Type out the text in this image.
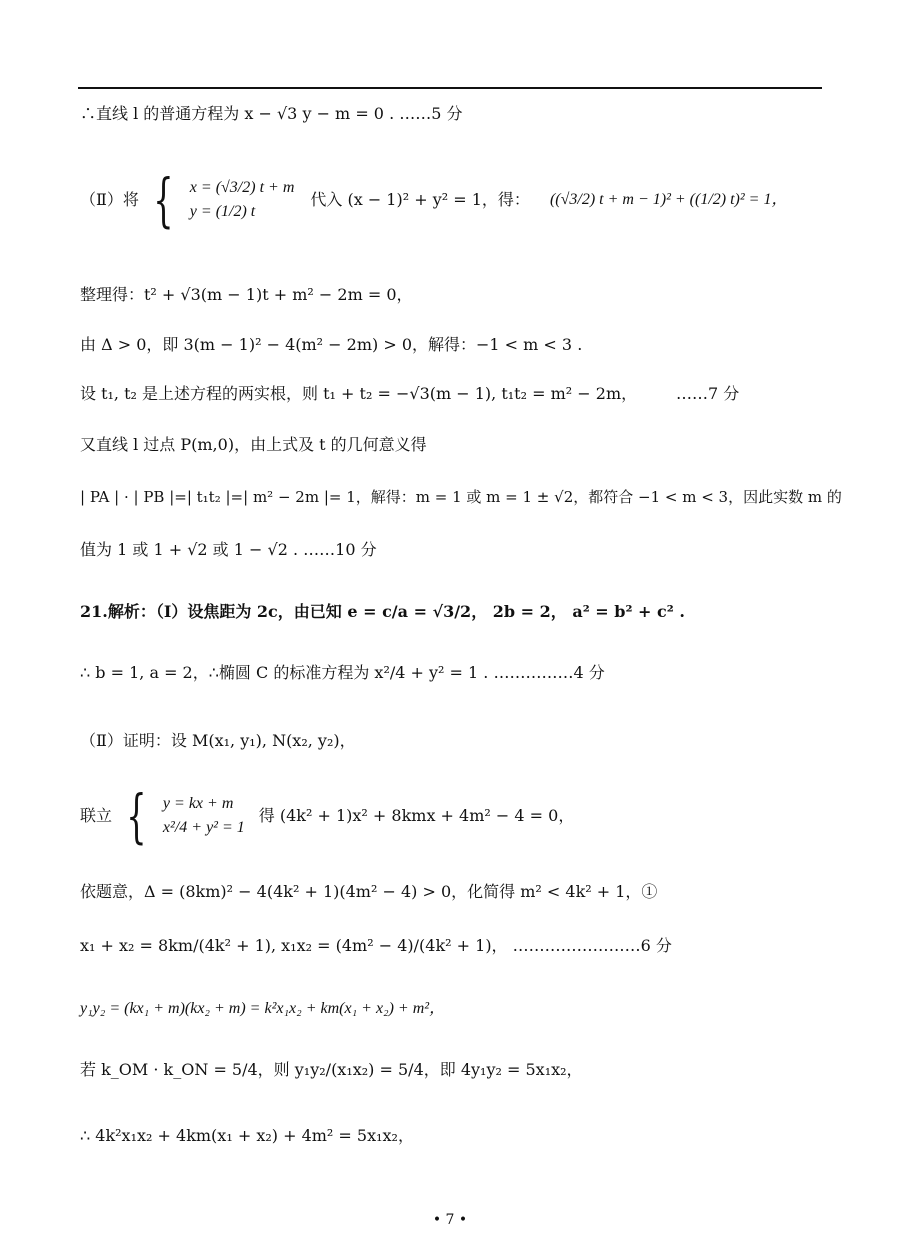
∴直线 l 的普通方程为 x − √3 y − m = 0 . ……5 分
（Ⅱ）将 { x = (√3/2) t + m
y = (1/2) t
代入 (x − 1)² + y² = 1，得： ((√3/2) t + m − 1)² + ((1/2) t)² = 1，
整理得：t² + √3(m − 1)t + m² − 2m = 0，
由 Δ > 0，即 3(m − 1)² − 4(m² − 2m) > 0，解得：−1 < m < 3 .
设 t₁, t₂ 是上述方程的两实根，则 t₁ + t₂ = −√3(m − 1), t₁t₂ = m² − 2m， ……7 分
又直线 l 过点 P(m,0)，由上式及 t 的几何意义得
| PA | · | PB |=| t₁t₂ |=| m² − 2m |= 1，解得：m = 1 或 m = 1 ± √2，都符合 −1 < m < 3，因此实数 m 的
值为 1 或 1 + √2 或 1 − √2 . ……10 分
21.解析：（Ⅰ）设焦距为 2c，由已知 e = c/a = √3/2， 2b = 2， a² = b² + c² .
∴ b = 1, a = 2，∴椭圆 C 的标准方程为 x²/4 + y² = 1 . ……………4 分
（Ⅱ）证明：设 M(x₁, y₁), N(x₂, y₂)，
联立 { y = kx + m
x²/4 + y² = 1
得 (4k² + 1)x² + 8kmx + 4m² − 4 = 0，
依题意，Δ = (8km)² − 4(4k² + 1)(4m² − 4) > 0，化简得 m² < 4k² + 1，①
x₁ + x₂ = 8km/(4k² + 1), x₁x₂ = (4m² − 4)/(4k² + 1)， ……………………6 分
y₁y₂ = (kx₁ + m)(kx₂ + m) = k²x₁x₂ + km(x₁ + x₂) + m²，
若 k_OM · k_ON = 5/4，则 y₁y₂/(x₁x₂) = 5/4，即 4y₁y₂ = 5x₁x₂，
∴ 4k²x₁x₂ + 4km(x₁ + x₂) + 4m² = 5x₁x₂，
• 7 •
